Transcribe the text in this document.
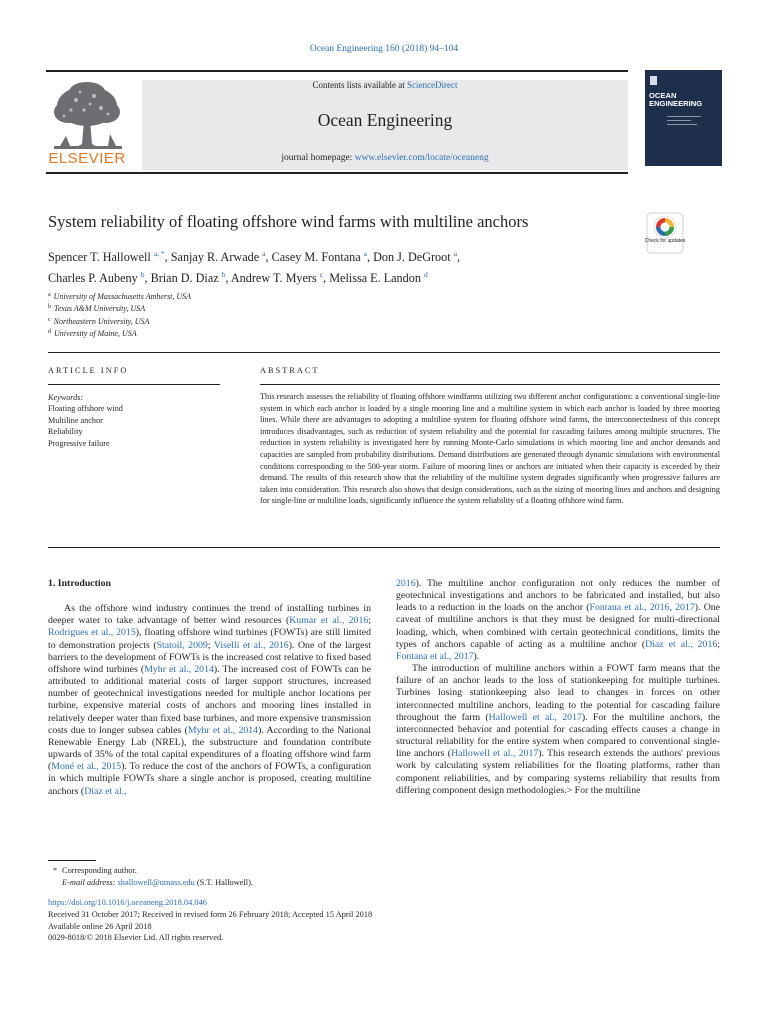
Ocean Engineering 160 (2018) 94–104
ELSEVIER
Contents lists available at ScienceDirect
Ocean Engineering
journal homepage: www.elsevier.com/locate/oceaneng
OCEAN
ENGINEERING
System reliability of floating offshore wind farms with multiline anchors
Check for updates
Spencer T. Hallowell $^{a, *}$, Sanjay R. Arwade $^a$, Casey M. Fontana $^a$, Don J. DeGroot $^a$,
Charles P. Aubeny $^b$, Brian D. Diaz $^b$, Andrew T. Myers $^c$, Melissa E. Landon $^d$
$^a$ University of Massachusetts Amherst, USA
$^b$ Texas A&M University, USA
$^c$ Northeastern University, USA
$^d$ University of Maine, USA
ARTICLE INFO	ABSTRACT
Keywords:
Floating offshore wind
Multiline anchor
Reliability
Progressive failure
This research assesses the reliability of floating offshore windfarms utilizing two different anchor configurations: a conventional single-line system in which each anchor is loaded by a single mooring line and a multiline system in which each anchor is loaded by three mooring lines. While there are advantages to adopting a multiline system for floating offshore wind farms, the interconnectedness of this concept introduces disadvantages, such as reduction of system reliability and the potential for cascading failures among multiple structures. The reduction in system reliability is investigated here by running Monte-Carlo simulations in which mooring line and anchor demands and capacities are sampled from probability distributions. Demand distributions are generated through dynamic simulations with environmental conditions corresponding to the 500-year storm. Failure of mooring lines or anchors are initiated when their capacity is exceeded by their demand. The results of this research show that the reliability of the multiline system degrades significantly when progressive failures are taken into consideration. This research also shows that design considerations, such as the sizing of mooring lines and anchors and designing for single-line or multiline loads, significantly influence the system reliability of a floating offshore wind farm.
1. Introduction
As the offshore wind industry continues the trend of installing turbines in deeper water to take advantage of better wind resources (Kumar et al., 2016; Rodrigues et al., 2015), floating offshore wind turbines (FOWTs) are still limited to demonstration projects (Statoil, 2009; Viselli et al., 2016). One of the largest barriers to the development of FOWTs is the increased cost relative to fixed based offshore wind turbines (Myhr et al., 2014). The increased cost of FOWTs can be attributed to additional material costs of larger support structures, increased number of geotechnical investigations needed for multiple anchor locations per turbine, expensive material costs of anchors and mooring lines installed in relatively deeper water than fixed base turbines, and more expensive transmission costs due to longer subsea cables (Myhr et al., 2014). According to the National Renewable Energy Lab (NREL), the substructure and foundation contribute upwards of 35% of the total capital expenditures of a floating offshore wind farm (Moné et al., 2015). To reduce the cost of the anchors of FOWTs, a configuration in which multiple FOWTs share a single anchor is proposed, creating multiline anchors (Diaz et al.,
2016). The multiline anchor configuration not only reduces the number of geotechnical investigations and anchors to be fabricated and installed, but also leads to a reduction in the loads on the anchor (Fontana et al., 2016, 2017). One caveat of multiline anchors is that they must be designed for multi-directional loading, which, when combined with certain geotechnical conditions, limits the types of anchors capable of acting as a multiline anchor (Diaz et al., 2016; Fontana et al., 2017).
The introduction of multiline anchors within a FOWT farm means that the failure of an anchor leads to the loss of stationkeeping for multiple turbines. Turbines losing stationkeeping also lead to changes in forces on other interconnected multiline anchors, leading to the potential for cascading failure throughout the farm (Hallowell et al., 2017). For the multiline anchors, the interconnected behavior and potential for cascading effects causes a change in structural reliability for the entire system when compared to conventional single-line anchors (Hallowell et al., 2017). This research extends the authors' previous work by calculating system reliabilities for the floating platforms, rather than component reliabilities, and by comparing systems reliability that results from differing component design methodologies.> For the multiline
* Corresponding author.
E-mail address: shallowell@umass.edu (S.T. Hallowell).
https://doi.org/10.1016/j.oceaneng.2018.04.046
Received 31 October 2017; Received in revised form 26 February 2018; Accepted 15 April 2018
Available online 26 April 2018
0029-8018/© 2018 Elsevier Ltd. All rights reserved.
